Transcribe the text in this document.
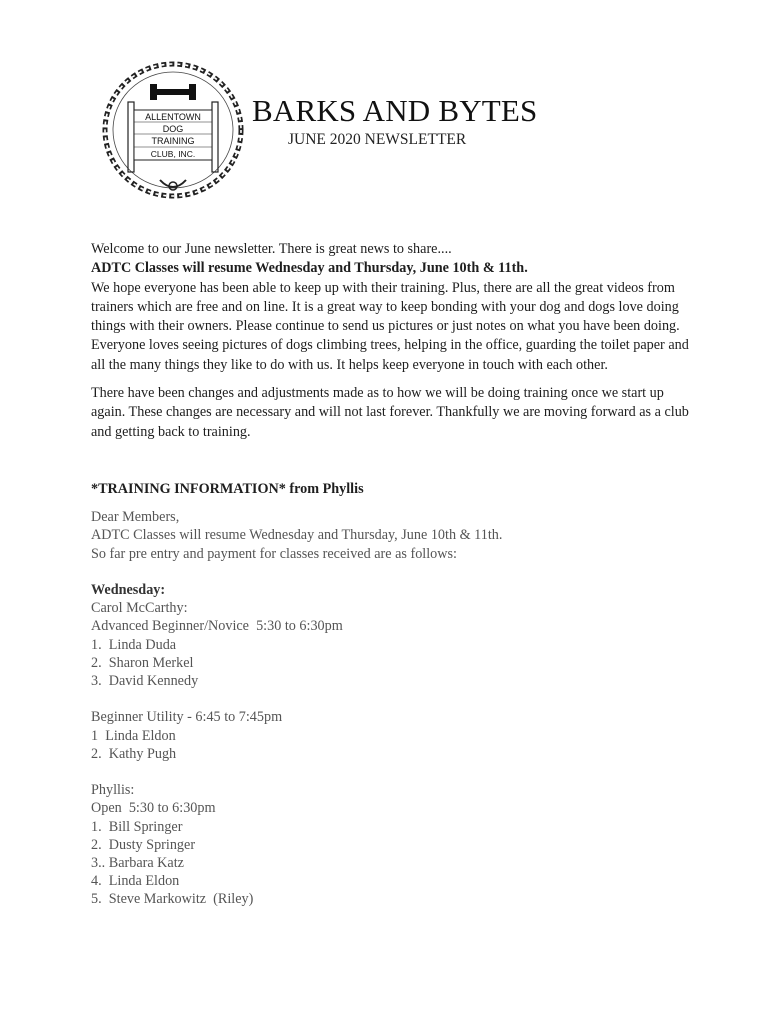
ALLENTOWN
DOG
TRAINING
CLUB, INC.
BARKS AND BYTES
JUNE 2020 NEWSLETTER

Welcome to our June newsletter. There is great news to share....

ADTC Classes will resume Wednesday and Thursday, June 10th & 11th.

We hope everyone has been able to keep up with their training. Plus, there are all the great videos from trainers which are free and on line. It is a great way to keep bonding with your dog and dogs love doing things with their owners. Please continue to send us pictures or just notes on what you have been doing. Everyone loves seeing pictures of dogs climbing trees, helping in the office, guarding the toilet paper and all the many things they like to do with us. It helps keep everyone in touch with each other.

There have been changes and adjustments made as to how we will be doing training once we start up again. These changes are necessary and will not last forever. Thankfully we are moving forward as a club and getting back to training.

*TRAINING INFORMATION* from Phyllis

Dear Members,
ADTC Classes will resume Wednesday and Thursday, June 10th & 11th.
So far pre entry and payment for classes received are as follows:
Wednesday:
Carol McCarthy:
Advanced Beginner/Novice  5:30 to 6:30pm
1.  Linda Duda
2.  Sharon Merkel
3.  David Kennedy
Beginner Utility - 6:45 to 7:45pm
1  Linda Eldon
2.  Kathy Pugh
Phyllis:
Open  5:30 to 6:30pm
1.  Bill Springer
2.  Dusty Springer
3.. Barbara Katz
4.  Linda Eldon
5.  Steve Markowitz  (Riley)
